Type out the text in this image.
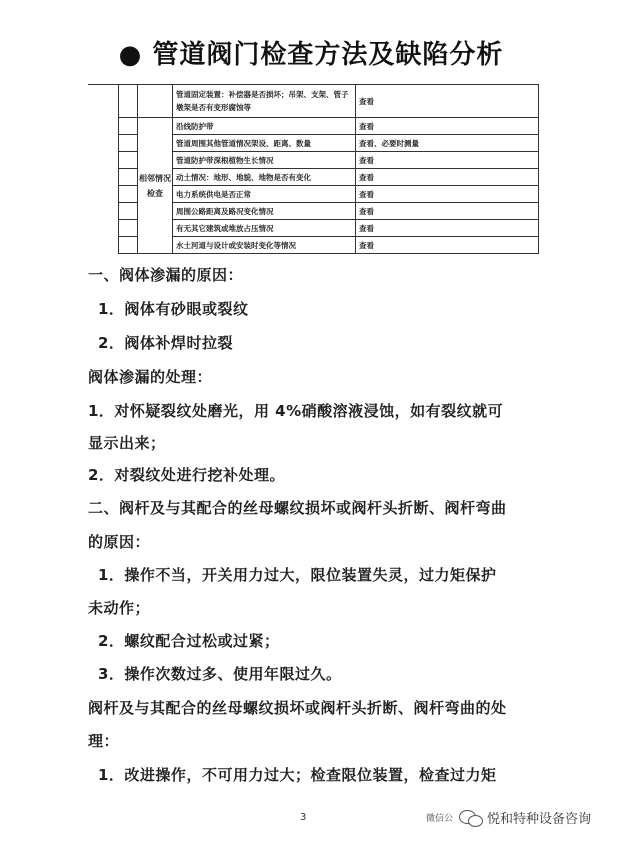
● 管道阀门检查方法及缺陷分析
		管道固定装置：补偿器是否损坏；吊架、支架、管子墩架是否有变形腐蚀等	查看
	相邻情况检查	沿线防护带	查看
		管道周围其他管道情况架设、距离、数量	查看、必要时测量
		管道防护带深根植物生长情况	查看
		动土情况：地形、地貌、地物是否有变化	查看
		电力系统供电是否正常	查看
		周围公路距离及路况变化情况	查看
		有无其它建筑或堆放占压情况	查看
		水土河道与设计或安装时变化等情况	查看
一、阀体渗漏的原因：
1．阀体有砂眼或裂纹
2．阀体补焊时拉裂
阀体渗漏的处理：
1．对怀疑裂纹处磨光，用 4%硝酸溶液浸蚀，如有裂纹就可
显示出来；
2．对裂纹处进行挖补处理。
二、阀杆及与其配合的丝母螺纹损坏或阀杆头折断、阀杆弯曲
的原因：
1．操作不当，开关用力过大，限位装置失灵，过力矩保护
未动作；
2．螺纹配合过松或过紧；
3．操作次数过多、使用年限过久。
阀杆及与其配合的丝母螺纹损坏或阀杆头折断、阀杆弯曲的处
理：
1．改进操作，不可用力过大；检查限位装置，检查过力矩
3	微信公	悦和特种设备咨询
